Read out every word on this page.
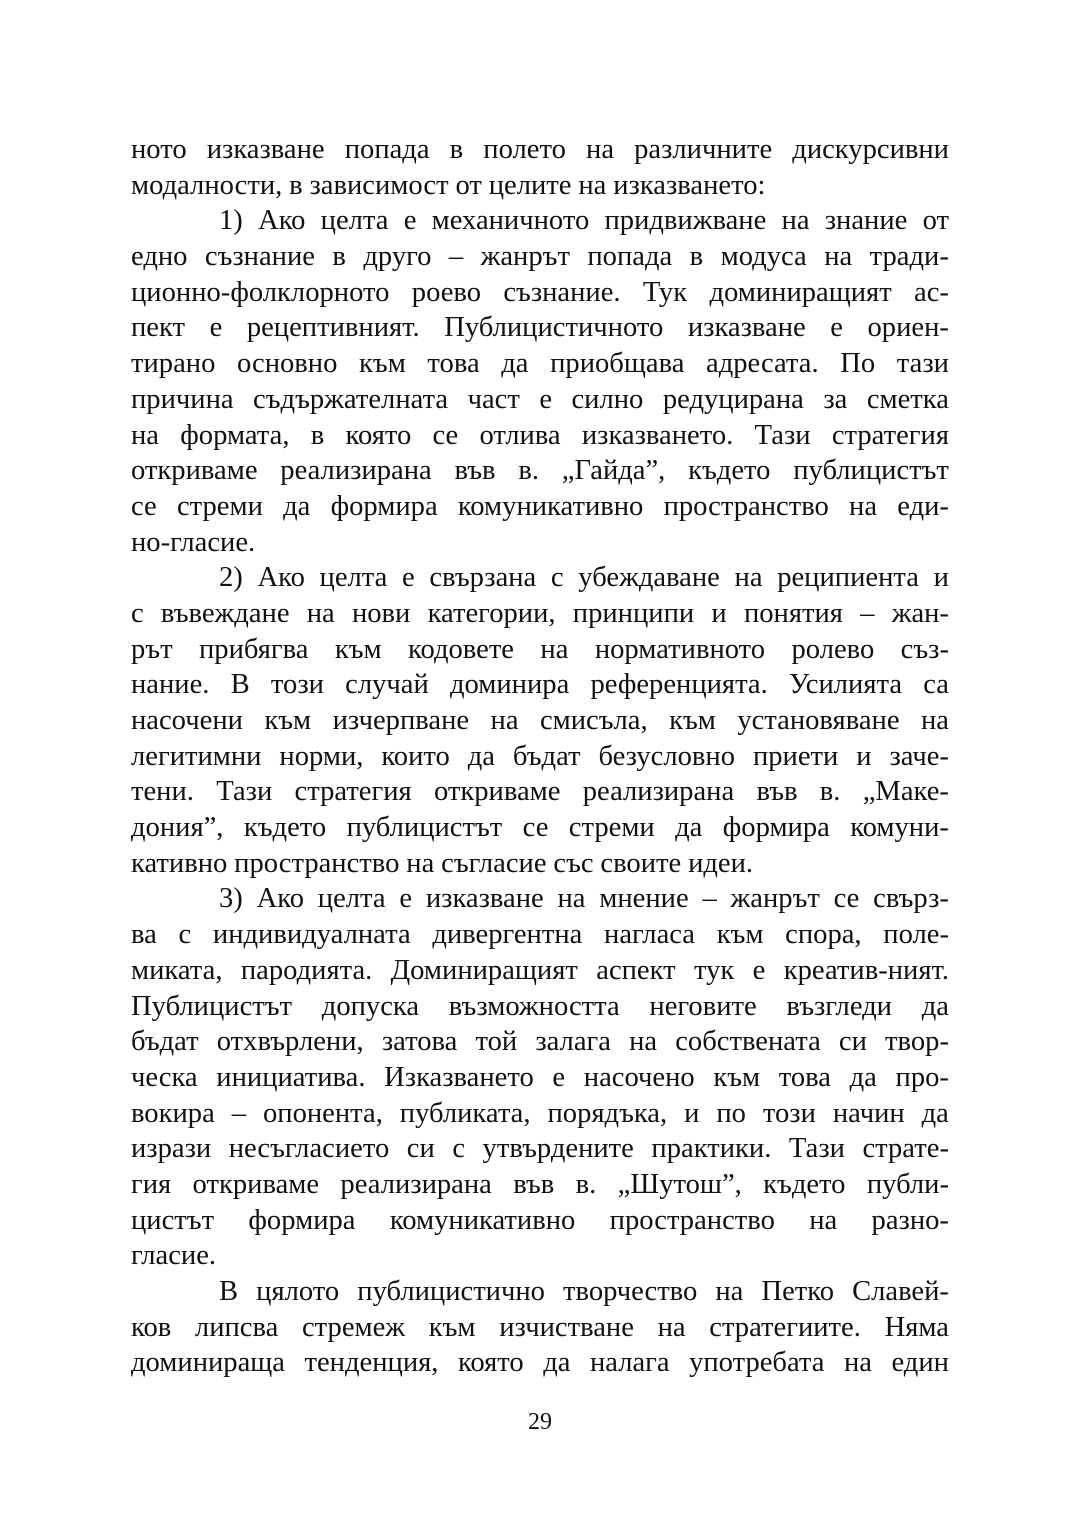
ното изказване попада в полето на различните дискурсивни
модалности, в зависимост от целите на изказването:
1) Ако целта е механичното придвижване на знание от
едно съзнание в друго – жанрът попада в модуса на тради-
ционно-фолклорното роево съзнание. Тук доминиращият ас-
пект е рецептивният. Публицистичното изказване е ориен-
тирано основно към това да приобщава адресата. По тази
причина съдържателната част е силно редуцирана за сметка
на формата, в която се отлива изказването. Тази стратегия
откриваме реализирана във в. „Гайда”, където публицистът
се стреми да формира комуникативно пространство на еди-
но-гласие.
2) Ако целта е свързана с убеждаване на реципиента и
с въвеждане на нови категории, принципи и понятия – жан-
рът прибягва към кодовете на нормативното ролево съз-
нание. В този случай доминира референцията. Усилията са
насочени към изчерпване на смисъла, към установяване на
легитимни норми, които да бъдат безусловно приети и заче-
тени. Тази стратегия откриваме реализирана във в. „Маке-
дония”, където публицистът се стреми да формира комуни-
кативно пространство на съгласие със своите идеи.
3) Ако целта е изказване на мнение – жанрът се свърз-
ва с индивидуалната дивергентна нагласа към спора, поле-
миката, пародията. Доминиращият аспект тук е креатив-ният.
Публицистът допуска възможността неговите възгледи да
бъдат отхвърлени, затова той залага на собствената си твор-
ческа инициатива. Изказването е насочено към това да про-
вокира – опонента, публиката, порядъка, и по този начин да
изрази несъгласието си с утвърдените практики. Тази страте-
гия откриваме реализирана във в. „Шутош”, където публи-
цистът формира комуникативно пространство на разно-
гласие.
В цялото публицистично творчество на Петко Славей-
ков липсва стремеж към изчистване на стратегиите. Няма
доминираща тенденция, която да налага употребата на един
29
